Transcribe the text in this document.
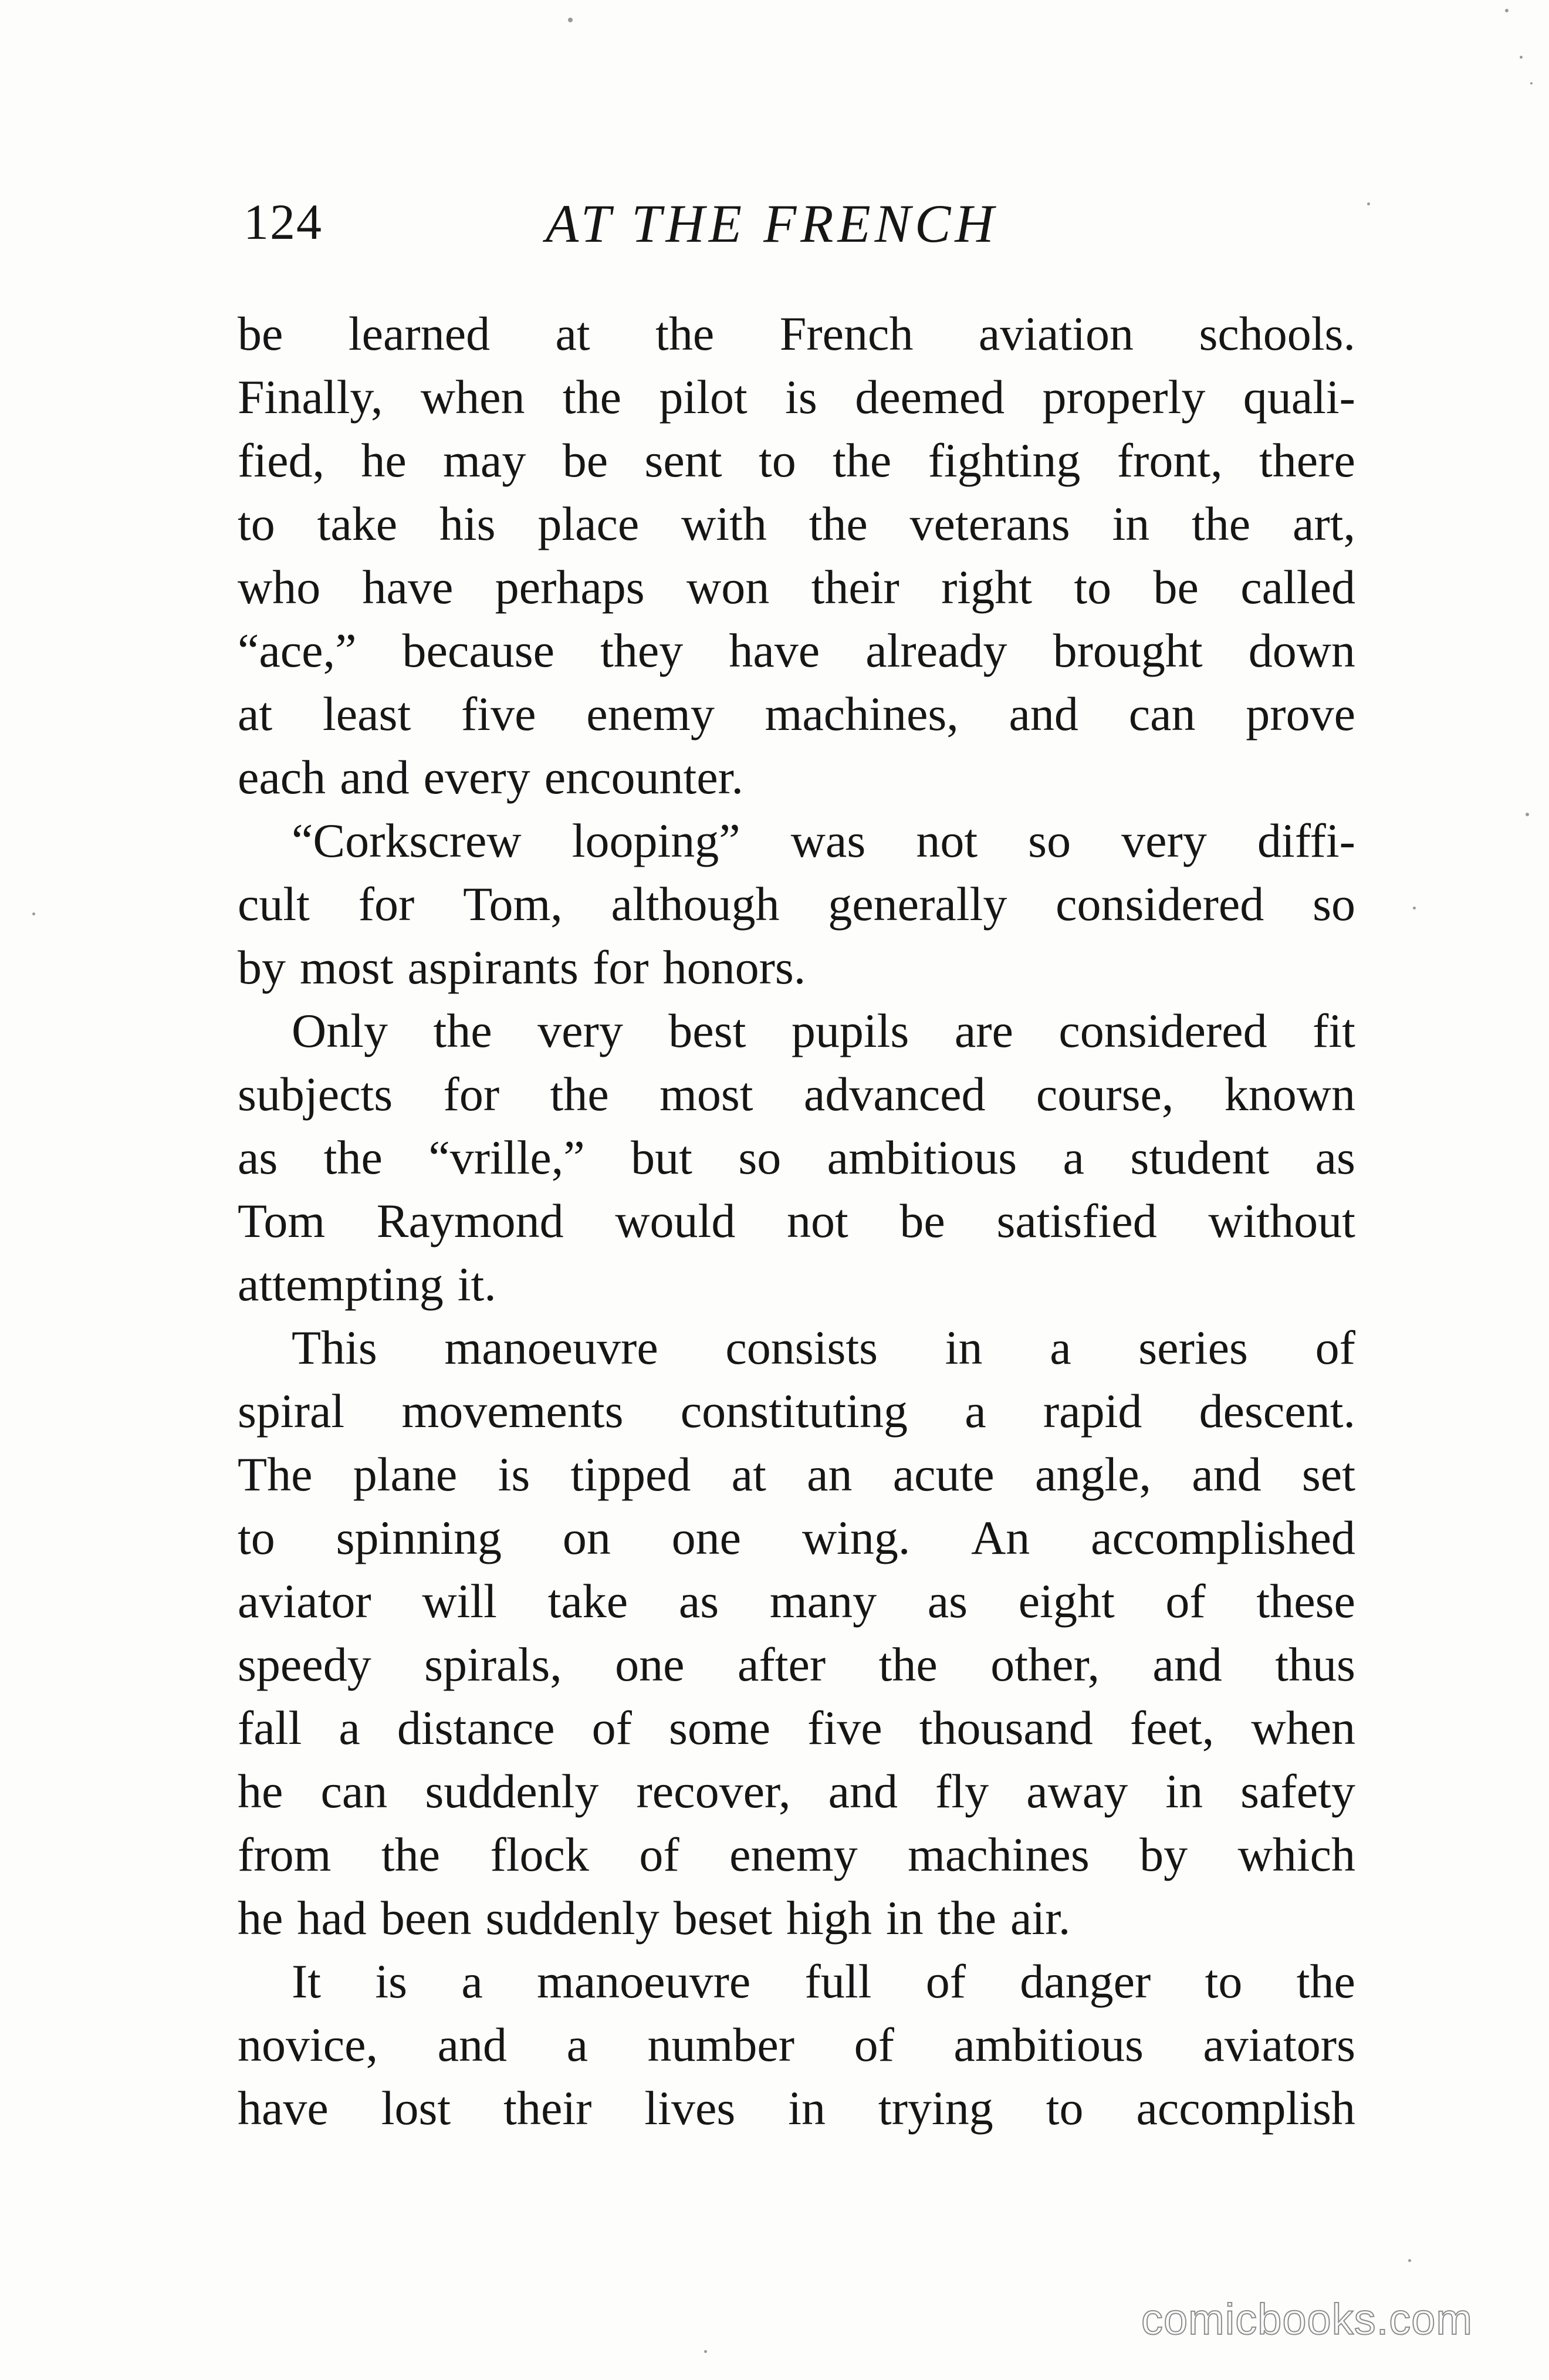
124	AT THE FRENCH
be learned at the French aviation schools.
Finally, when the pilot is deemed properly quali-
fied, he may be sent to the fighting front, there
to take his place with the veterans in the art,
who have perhaps won their right to be called
“ace,” because they have already brought down
at least five enemy machines, and can prove
each and every encounter.
“Corkscrew looping” was not so very diffi-
cult for Tom, although generally considered so
by most aspirants for honors.
Only the very best pupils are considered fit
subjects for the most advanced course, known
as the “vrille,” but so ambitious a student as
Tom Raymond would not be satisfied without
attempting it.
This manoeuvre consists in a series of
spiral movements constituting a rapid descent.
The plane is tipped at an acute angle, and set
to spinning on one wing. An accomplished
aviator will take as many as eight of these
speedy spirals, one after the other, and thus
fall a distance of some five thousand feet, when
he can suddenly recover, and fly away in safety
from the flock of enemy machines by which
he had been suddenly beset high in the air.
It is a manoeuvre full of danger to the
novice, and a number of ambitious aviators
have lost their lives in trying to accomplish
comicbooks.com
